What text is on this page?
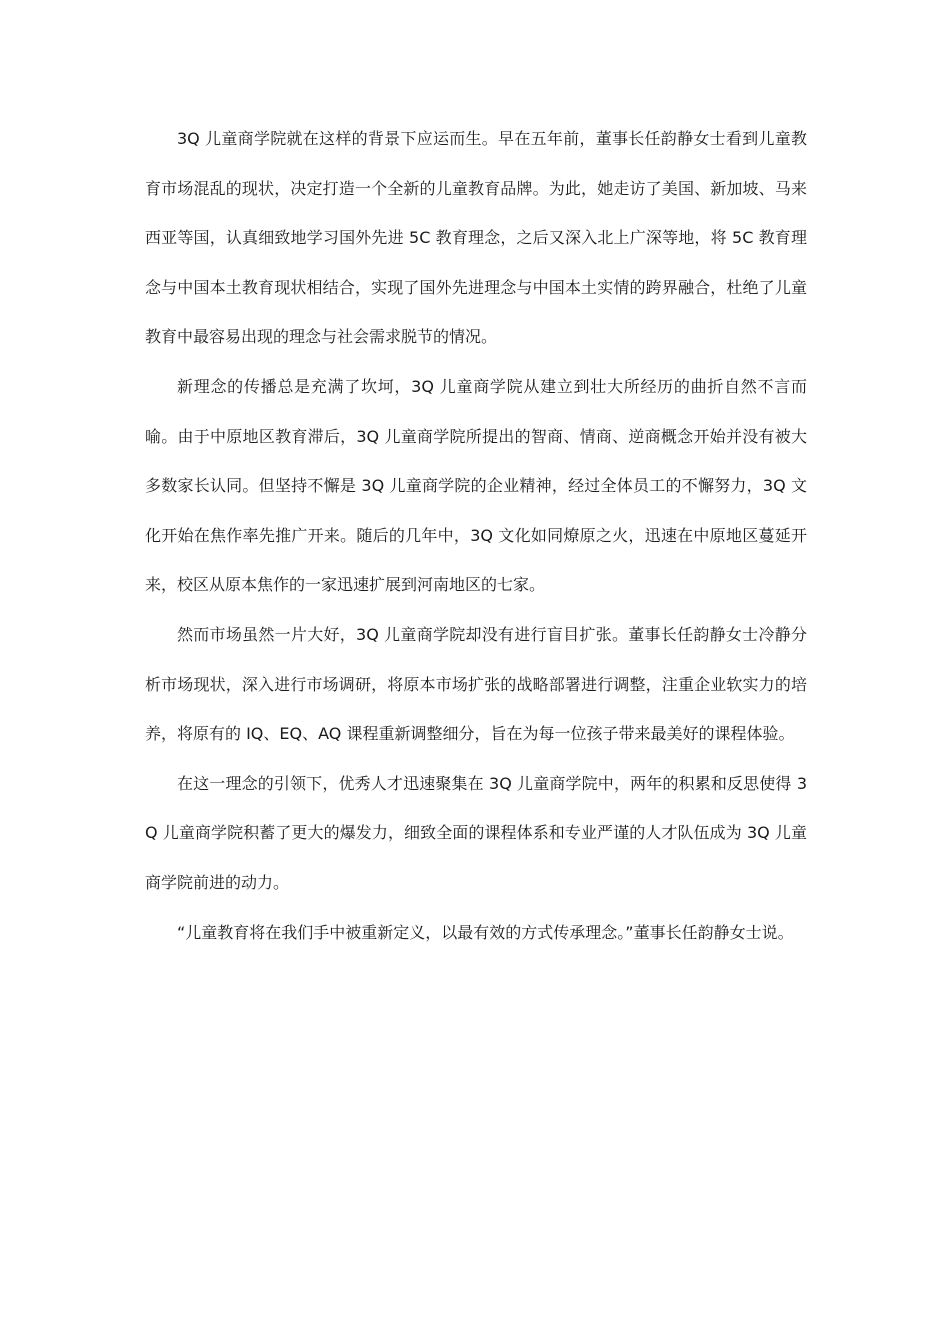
3Q 儿童商学院就在这样的背景下应运而生。早在五年前，董事长任韵静女士看到儿童教育市场混乱的现状，决定打造一个全新的儿童教育品牌。为此，她走访了美国、新加坡、马来西亚等国，认真细致地学习国外先进 5C 教育理念，之后又深入北上广深等地，将 5C 教育理念与中国本土教育现状相结合，实现了国外先进理念与中国本土实情的跨界融合，杜绝了儿童教育中最容易出现的理念与社会需求脱节的情况。

新理念的传播总是充满了坎坷，3Q 儿童商学院从建立到壮大所经历的曲折自然不言而喻。由于中原地区教育滞后，3Q 儿童商学院所提出的智商、情商、逆商概念开始并没有被大多数家长认同。但坚持不懈是 3Q 儿童商学院的企业精神，经过全体员工的不懈努力，3Q 文化开始在焦作率先推广开来。随后的几年中，3Q 文化如同燎原之火，迅速在中原地区蔓延开来，校区从原本焦作的一家迅速扩展到河南地区的七家。

然而市场虽然一片大好，3Q 儿童商学院却没有进行盲目扩张。董事长任韵静女士冷静分析市场现状，深入进行市场调研，将原本市场扩张的战略部署进行调整，注重企业软实力的培养，将原有的 IQ、EQ、AQ 课程重新调整细分，旨在为每一位孩子带来最美好的课程体验。

在这一理念的引领下，优秀人才迅速聚集在 3Q 儿童商学院中，两年的积累和反思使得 3Q 儿童商学院积蓄了更大的爆发力，细致全面的课程体系和专业严谨的人才队伍成为 3Q 儿童商学院前进的动力。

“儿童教育将在我们手中被重新定义，以最有效的方式传承理念。”董事长任韵静女士说。
